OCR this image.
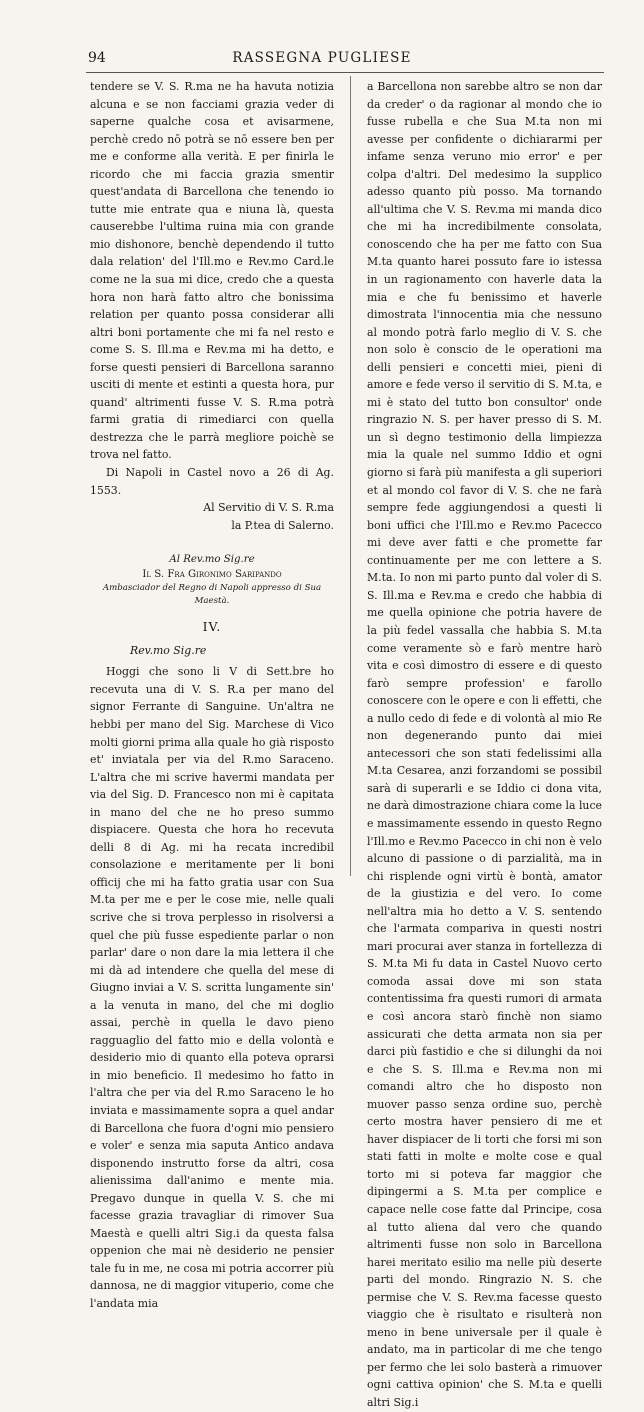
94	RASSEGNA PUGLIESE

tendere se V. S. R.ma ne ha havuta notizia alcuna e se non facciami grazia veder di saperne qualche cosa et avisarmene, perchè credo nō potrà se nō essere ben per me e conforme alla verità. E per finirla le ricordo che mi faccia grazia smentir quest'andata di Barcellona che tenendo io tutte mie entrate qua e niuna là, questa causerebbe l'ultima ruina mia con grande mio dishonore, benchè dependendo il tutto dala relation' del l'Ill.mo e Rev.mo Card.le come ne la sua mi dice, credo che a questa hora non harà fatto altro che bonissima relation per quanto possa considerar alli altri boni portamente che mi fa nel resto e come S. S. Ill.ma e Rev.ma mi ha detto, e forse questi pensieri di Barcellona saranno usciti di mente et estinti a questa hora, pur quand' altrimenti fusse V. S. R.ma potrà farmi gratia di rimediarci con quella destrezza che le parrà megliore poichè se trova nel fatto.

Di Napoli in Castel novo a 26 di Ag. 1553.

Al Servitio di V. S. R.ma

la P.tea di Salerno.

Al Rev.mo Sig.re
Il S. Fra Gironimo Saripando
Ambasciador del Regno di Napoli appresso di Sua Maestà.
IV.
Rev.mo Sig.re

Hoggi che sono li V di Sett.bre ho recevuta una di V. S. R.a per mano del signor Ferrante di Sanguine. Un'altra ne hebbi per mano del Sig. Marchese di Vico molti giorni prima alla quale ho già risposto et' inviatala per via del R.mo Saraceno. L'altra che mi scrive havermi mandata per via del Sig. D. Francesco non mi è capitata in mano del che ne ho preso summo dispiacere. Questa che hora ho recevuta delli 8 di Ag. mi ha recata incredibil consolazione e meritamente per li boni officij che mi ha fatto gratia usar con Sua M.ta per me e per le cose mie, nelle quali scrive che si trova perplesso in risolversi a quel che più fusse espediente parlar o non parlar' dare o non dare la mia lettera il che mi dà ad intendere che quella del mese di Giugno inviai a V. S. scritta lungamente sin' a la venuta in mano, del che mi doglio assai, perchè in quella le davo pieno ragguaglio del fatto mio e della volontà e desiderio mio di quanto ella poteva oprarsi in mio beneficio. Il medesimo ho fatto in l'altra che per via del R.mo Saraceno le ho inviata e massimamente sopra a quel andar di Barcellona che fuora d'ogni mio pensiero e voler' e senza mia saputa Antico andava disponendo instrutto forse da altri, cosa alienissima dall'animo e mente mia. Pregavo dunque in quella V. S. che mi facesse grazia travagliar di rimover Sua Maestà e quelli altri Sig.i da questa falsa oppenion che mai nè desiderio ne pensier tale fu in me, ne cosa mi potria accorrer più dannosa, ne di maggior vituperio, come che l'andata mia

a Barcellona non sarebbe altro se non dar da creder' o da ragionar al mondo che io fusse rubella e che Sua M.ta non mi avesse per confidente o dichiararmi per infame senza veruno mio error' e per colpa d'altri. Del medesimo la supplico adesso quanto più posso. Ma tornando all'ultima che V. S. Rev.ma mi manda dico che mi ha incredibilmente consolata, conoscendo che ha per me fatto con Sua M.ta quanto harei possuto fare io istessa in un ragionamento con haverle data la mia e che fu benissimo et haverle dimostrata l'innocentia mia che nessuno al mondo potrà farlo meglio di V. S. che non solo è conscio de le operationi ma delli pensieri e concetti miei, pieni di amore e fede verso il servitio di S. M.ta, e mi è stato del tutto bon consultor' onde ringrazio N. S. per haver presso di S. M. un sì degno testimonio della limpiezza mia la quale nel summo Iddio et ogni giorno si farà più manifesta a gli superiori et al mondo col favor di V. S. che ne farà sempre fede aggiungendosi a questi li boni uffici che l'Ill.mo e Rev.mo Pacecco mi deve aver fatti e che promette far continuamente per me con lettere a S. M.ta. Io non mi parto punto dal voler di S. S. Ill.ma e Rev.ma e credo che habbia di me quella opinione che potria havere de la più fedel vassalla che habbia S. M.ta come veramente sò e farò mentre harò vita e così dimostro di essere e di questo farò sempre profession' e farollo conoscere con le opere e con li effetti, che a nullo cedo di fede e di volontà al mio Re non degenerando punto dai miei antecessori che son stati fedelissimi alla M.ta Cesarea, anzi forzandomi se possibil sarà di superarli e se Iddio ci dona vita, ne darà dimostrazione chiara come la luce e massimamente essendo in questo Regno l'Ill.mo e Rev.mo Pacecco in chi non è velo alcuno di passione o di parzialità, ma in chi risplende ogni virtù è bontà, amator de la giustizia e del vero. Io come nell'altra mia ho detto a V. S. sentendo che l'armata compariva in questi nostri mari procurai aver stanza in fortellezza di S. M.ta Mi fu data in Castel Nuovo certo comoda assai dove mi son stata contentissima fra questi rumori di armata e così ancora starò finchè non siamo assicurati che detta armata non sia per darci più fastidio e che si dilunghi da noi e che S. S. Ill.ma e Rev.ma non mi comandi altro che ho disposto non muover passo senza ordine suo, perchè certo mostra haver pensiero di me et haver dispiacer de li torti che forsi mi son stati fatti in molte e molte cose e qual torto mi si poteva far maggior che dipingermi a S. M.ta per complice e capace nelle cose fatte dal Principe, cosa al tutto aliena dal vero che quando altrimenti fusse non solo in Barcellona harei meritato esilio ma nelle più deserte parti del mondo. Ringrazio N. S. che permise che V. S. Rev.ma facesse questo viaggio che è risultato e risulterà non meno in bene universale per il quale è andato, ma in particolar di me che tengo per fermo che lei solo basterà a rimuover ogni cattiva opinion' che S. M.ta e quelli altri Sig.i
